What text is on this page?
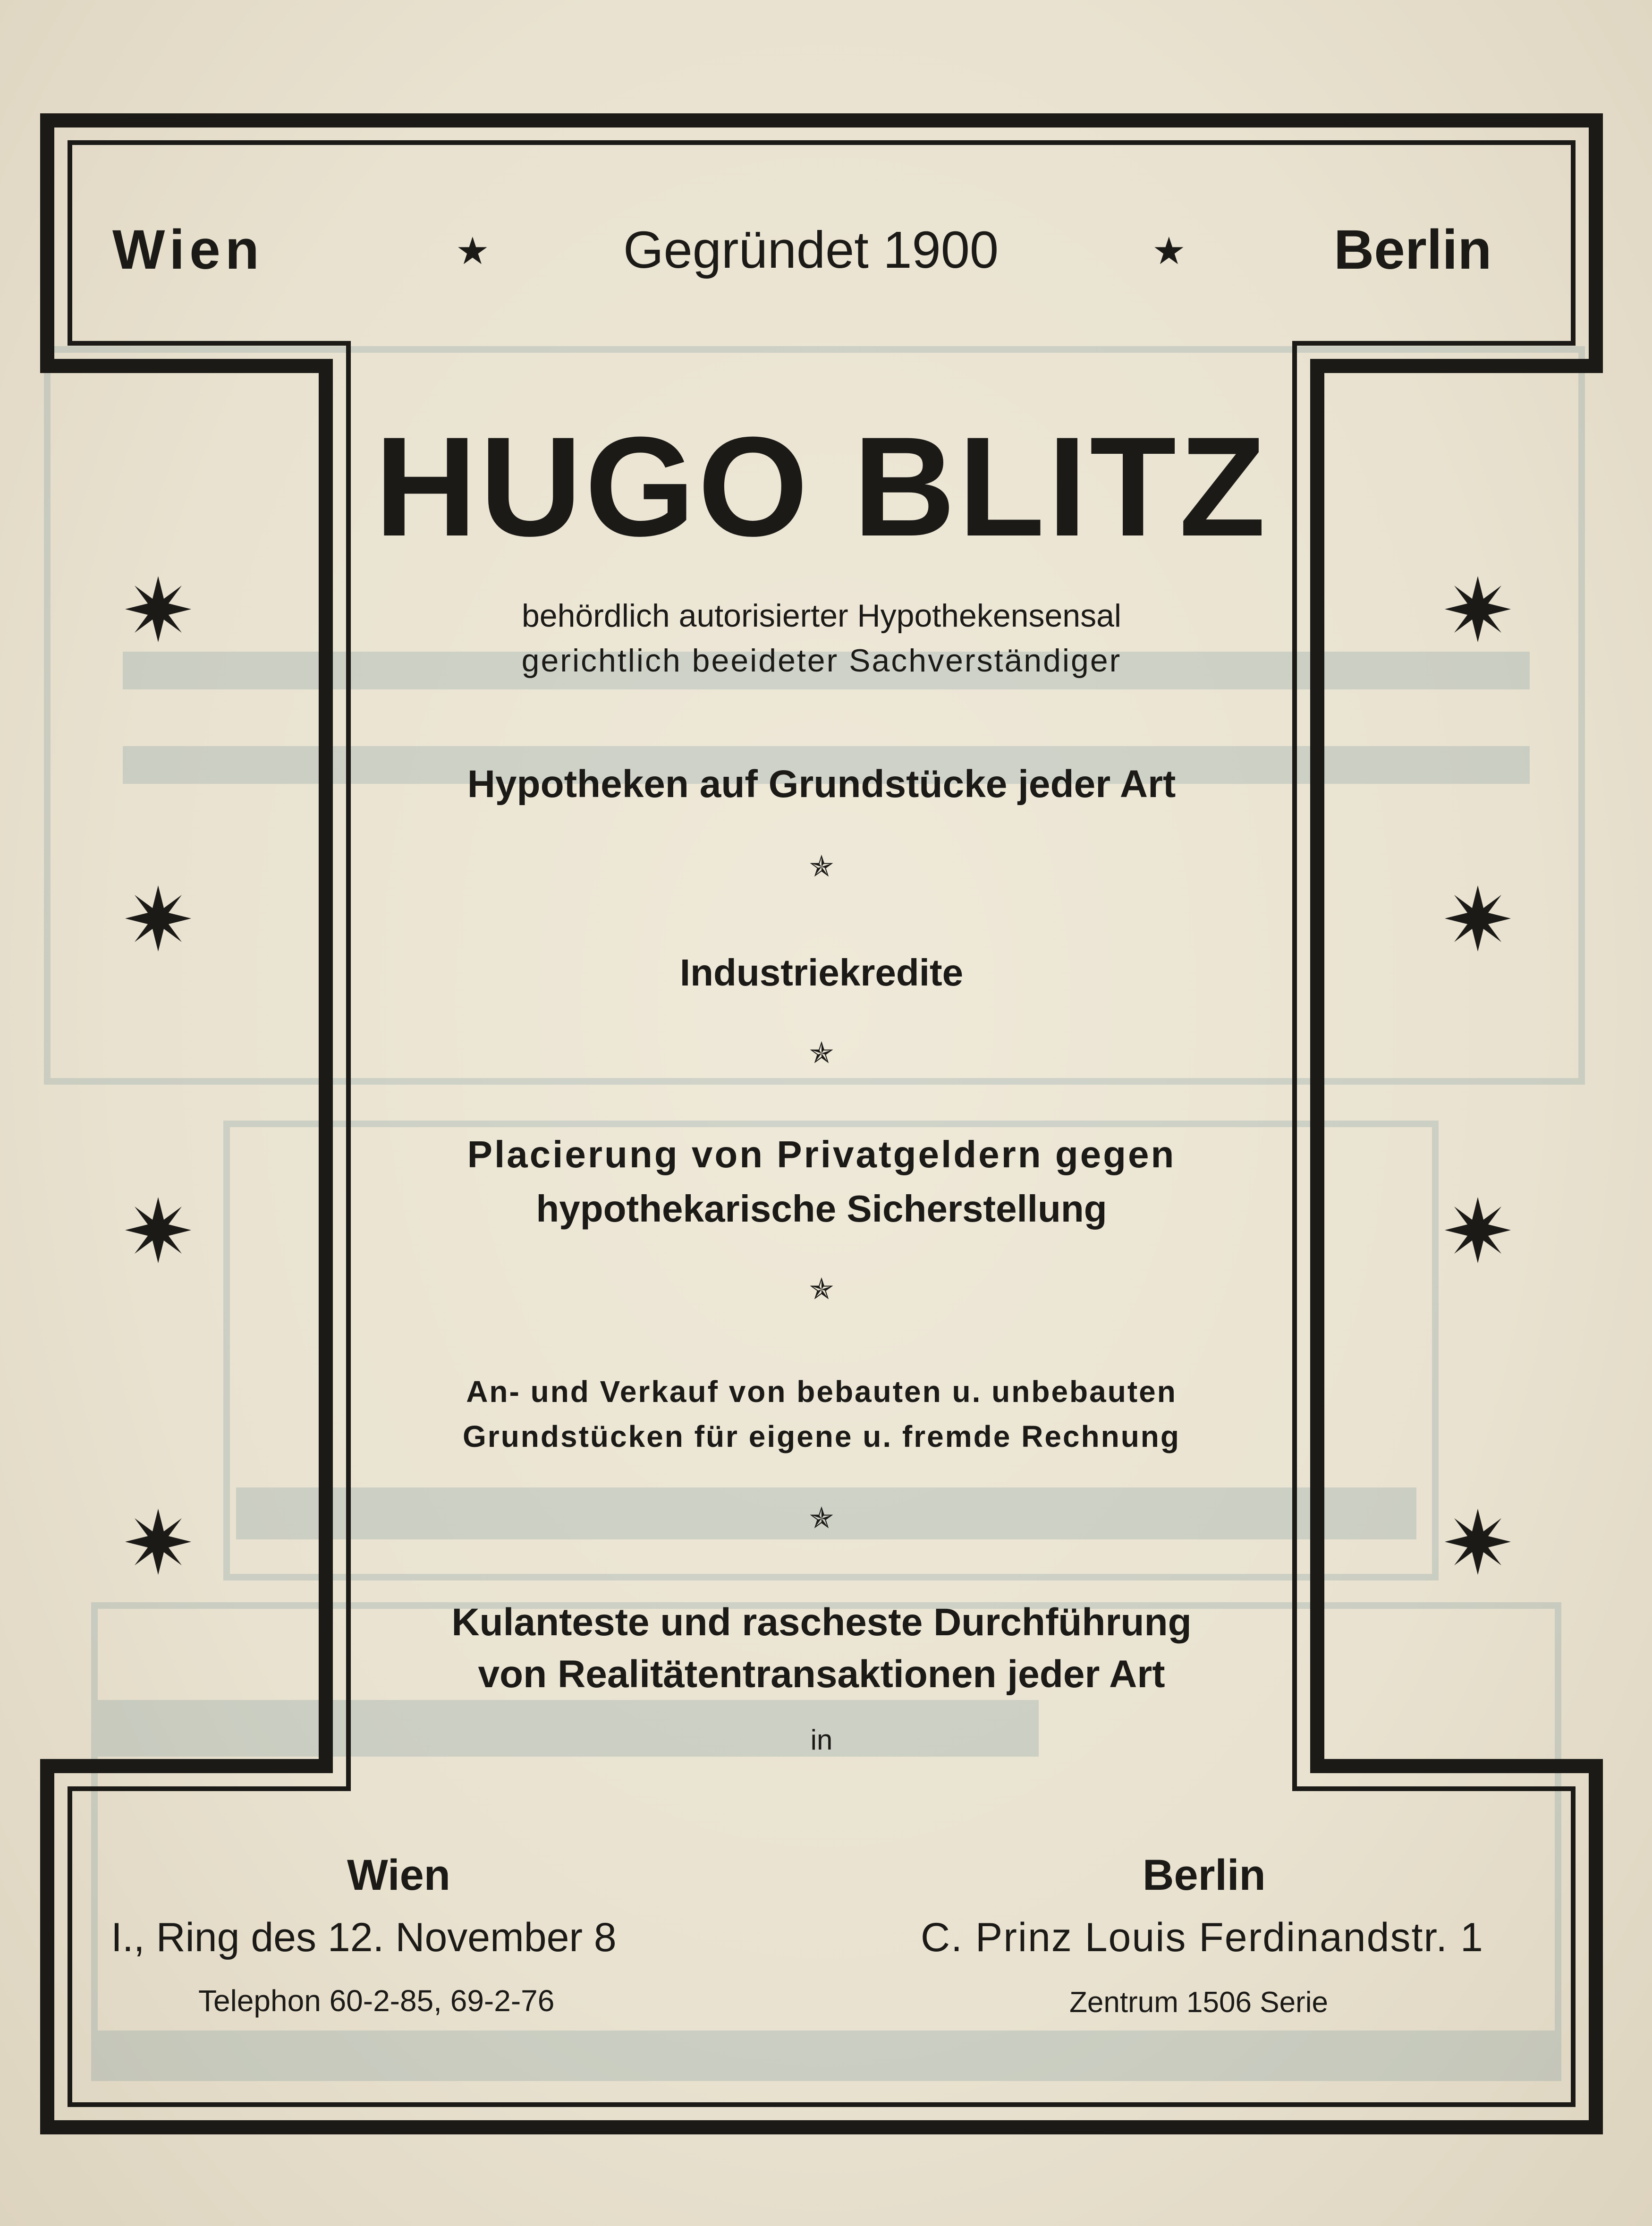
Wien	★	Gegründet 1900	★	Berlin
HUGO BLITZ
behördlich autorisierter Hypothekensensal
gerichtlich beeideter Sachverständiger
Hypotheken auf Grundstücke jeder Art
✯
Industriekredite
✯
Placierung von Privatgeldern gegen
hypothekarische Sicherstellung
✯
An- und Verkauf von bebauten u. unbebauten
Grundstücken für eigene u. fremde Rechnung
✯
Kulanteste und rascheste Durchführung
von Realitätentransaktionen jeder Art
in
Wien
I., Ring des 12. November 8
Telephon 60-2-85, 69-2-76
Berlin
C. Prinz Louis Ferdinandstr. 1
Zentrum 1506 Serie
